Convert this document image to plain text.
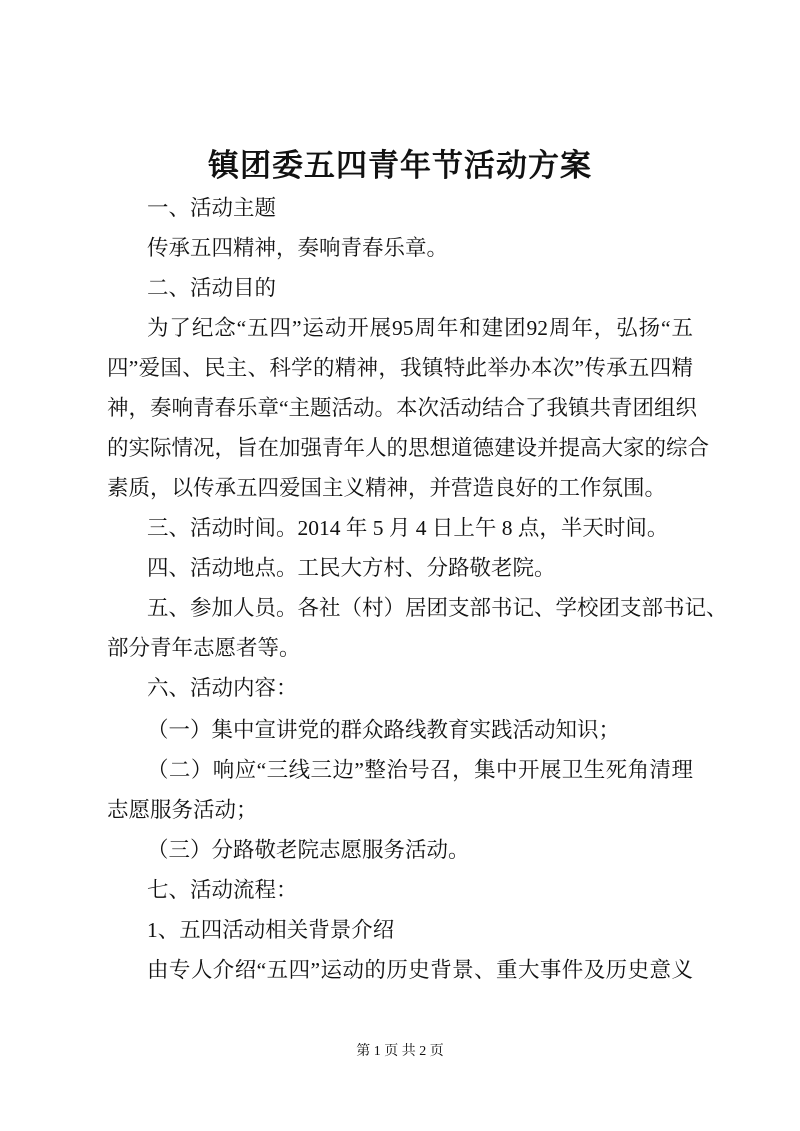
镇团委五四青年节活动方案
一、活动主题
传承五四精神，奏响青春乐章。
二、活动目的
为了纪念“五四”运动开展95周年和建团92周年，弘扬“五
四”爱国、民主、科学的精神，我镇特此举办本次”传承五四精
神，奏响青春乐章“主题活动。本次活动结合了我镇共青团组织
的实际情况，旨在加强青年人的思想道德建设并提高大家的综合
素质，以传承五四爱国主义精神，并营造良好的工作氛围。
三、活动时间。2014 年 5 月 4 日上午 8 点，半天时间。
四、活动地点。工民大方村、分路敬老院。
五、参加人员。各社（村）居团支部书记、学校团支部书记、
部分青年志愿者等。
六、活动内容：
（一）集中宣讲党的群众路线教育实践活动知识；
（二）响应“三线三边”整治号召，集中开展卫生死角清理
志愿服务活动；
（三）分路敬老院志愿服务活动。
七、活动流程：
1、五四活动相关背景介绍
由专人介绍“五四”运动的历史背景、重大事件及历史意义
第 1 页 共 2 页
